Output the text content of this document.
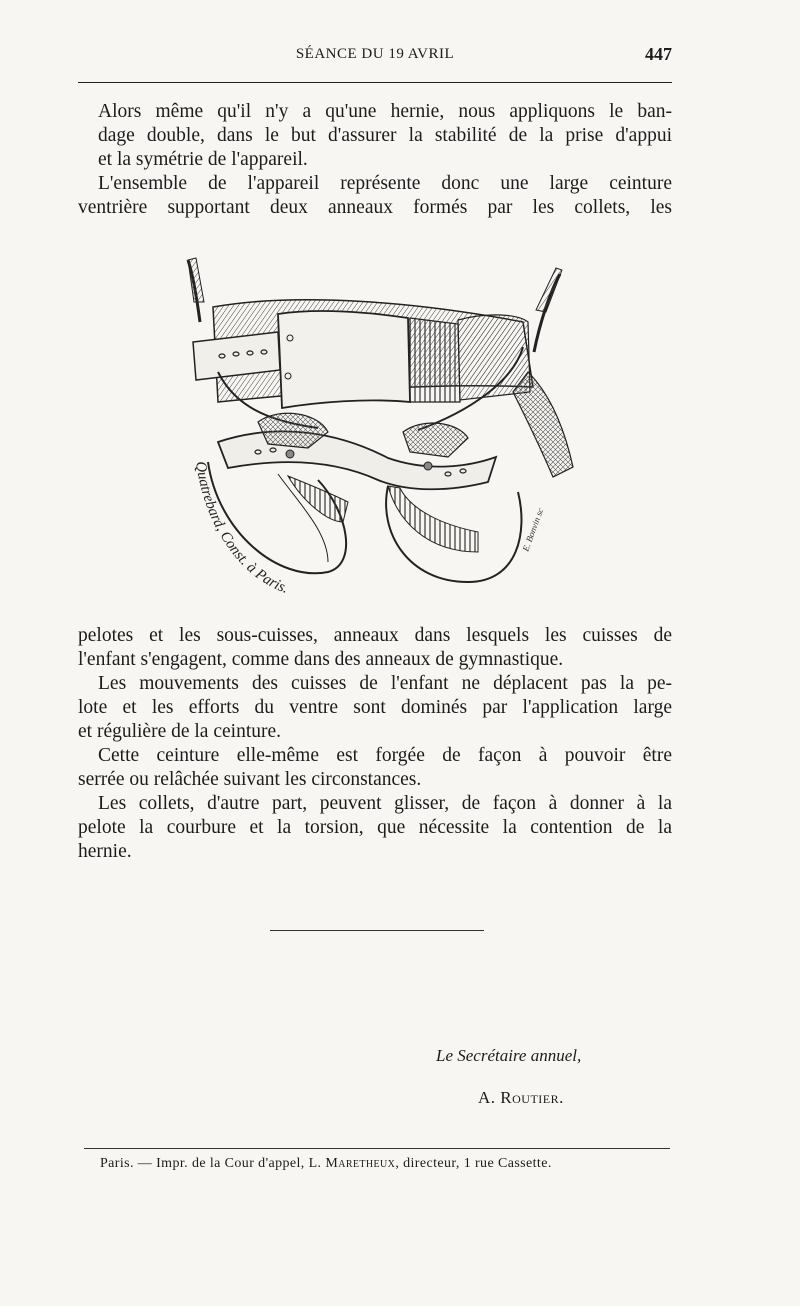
SÉANCE DU 19 AVRIL	447

Alors même qu'il n'y a qu'une hernie, nous appliquons le ban-
dage double, dans le but d'assurer la stabilité de la prise d'appui
et la symétrie de l'appareil.

L'ensemble de l'appareil représente donc une large ceinture
ventrière supportant deux anneaux formés par les collets, les

Quatrebard, Const. à Paris.
E. Bonvin sc

pelotes et les sous-cuisses, anneaux dans lesquels les cuisses de
l'enfant s'engagent, comme dans des anneaux de gymnastique.

Les mouvements des cuisses de l'enfant ne déplacent pas la pe-
lote et les efforts du ventre sont dominés par l'application large
et régulière de la ceinture.

Cette ceinture elle-même est forgée de façon à pouvoir être
serrée ou relâchée suivant les circonstances.

Les collets, d'autre part, peuvent glisser, de façon à donner à la
pelote la courbure et la torsion, que nécessite la contention de la
hernie.

Le Secrétaire annuel,
A. Routier.
Paris. — Impr. de la Cour d'appel, L. Maretheux, directeur, 1 rue Cassette.
